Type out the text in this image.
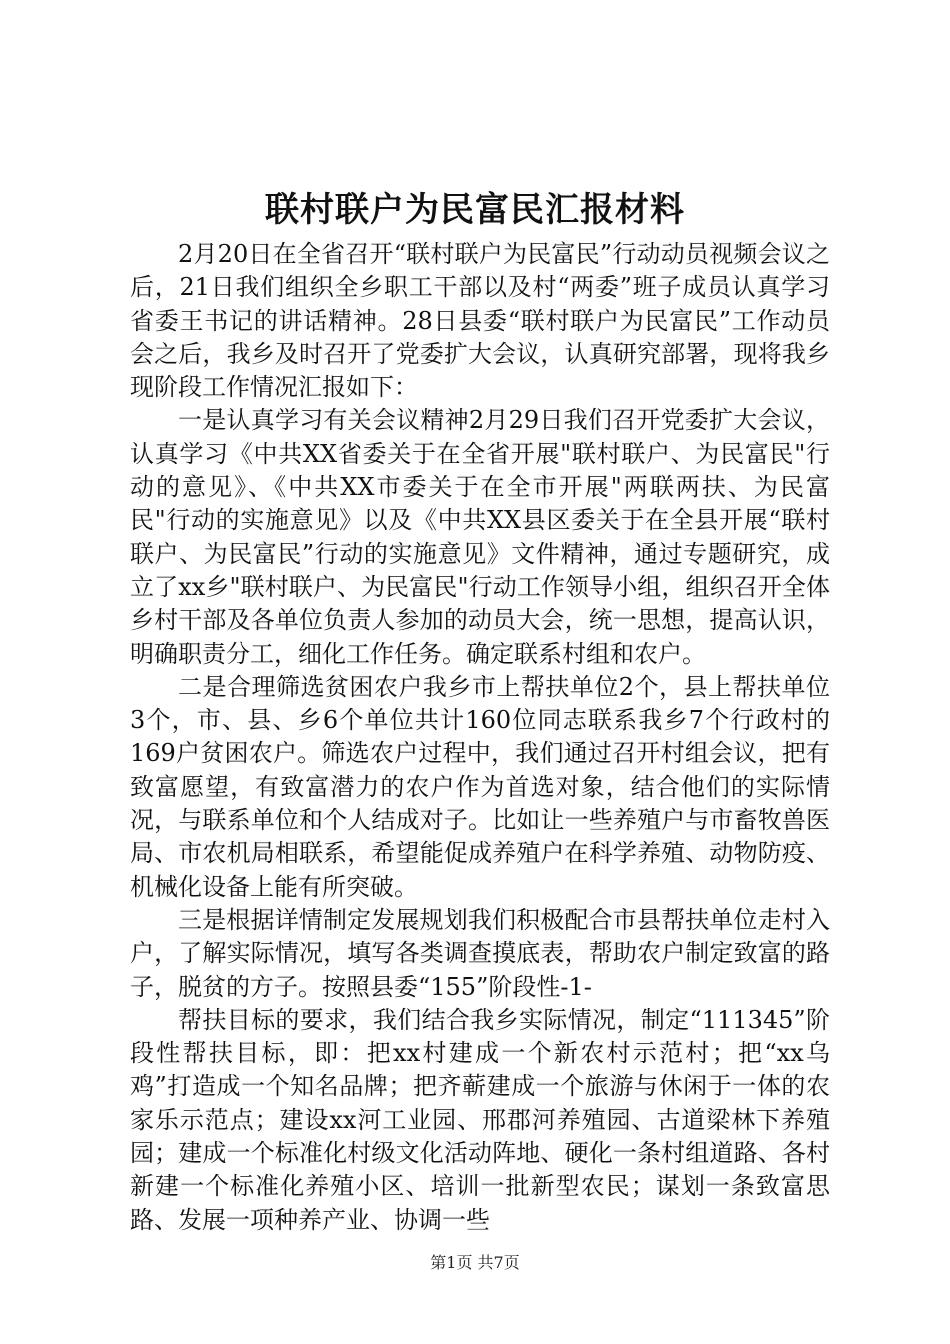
联村联户为民富民汇报材料

2月20日在全省召开“联村联户为民富民”行动动员视频会议之后，21日我们组织全乡职工干部以及村“两委”班子成员认真学习省委王书记的讲话精神。28日县委“联村联户为民富民”工作动员会之后，我乡及时召开了党委扩大会议，认真研究部署，现将我乡现阶段工作情况汇报如下：

一是认真学习有关会议精神2月29日我们召开党委扩大会议，认真学习《中共XX省委关于在全省开展"联村联户、为民富民"行动的意见》、《中共XX市委关于在全市开展"两联两扶、为民富民"行动的实施意见》以及《中共XX县区委关于在全县开展“联村联户、为民富民”行动的实施意见》文件精神，通过专题研究，成立了xx乡"联村联户、为民富民"行动工作领导小组，组织召开全体乡村干部及各单位负责人参加的动员大会，统一思想，提高认识，明确职责分工，细化工作任务。确定联系村组和农户。

二是合理筛选贫困农户我乡市上帮扶单位2个，县上帮扶单位3个，市、县、乡6个单位共计160位同志联系我乡7个行政村的169户贫困农户。筛选农户过程中，我们通过召开村组会议，把有致富愿望，有致富潜力的农户作为首选对象，结合他们的实际情况，与联系单位和个人结成对子。比如让一些养殖户与市畜牧兽医局、市农机局相联系，希望能促成养殖户在科学养殖、动物防疫、机械化设备上能有所突破。

三是根据详情制定发展规划我们积极配合市县帮扶单位走村入户，了解实际情况，填写各类调查摸底表，帮助农户制定致富的路子，脱贫的方子。按照县委“155”阶段性-1-

帮扶目标的要求，我们结合我乡实际情况，制定“111345”阶段性帮扶目标，即：把xx村建成一个新农村示范村；把“xx乌鸡”打造成一个知名品牌；把齐蕲建成一个旅游与休闲于一体的农家乐示范点；建设xx河工业园、邢郡河养殖园、古道梁林下养殖园；建成一个标准化村级文化活动阵地、硬化一条村组道路、各村新建一个标准化养殖小区、培训一批新型农民；谋划一条致富思路、发展一项种养产业、协调一些

第1页 共7页
